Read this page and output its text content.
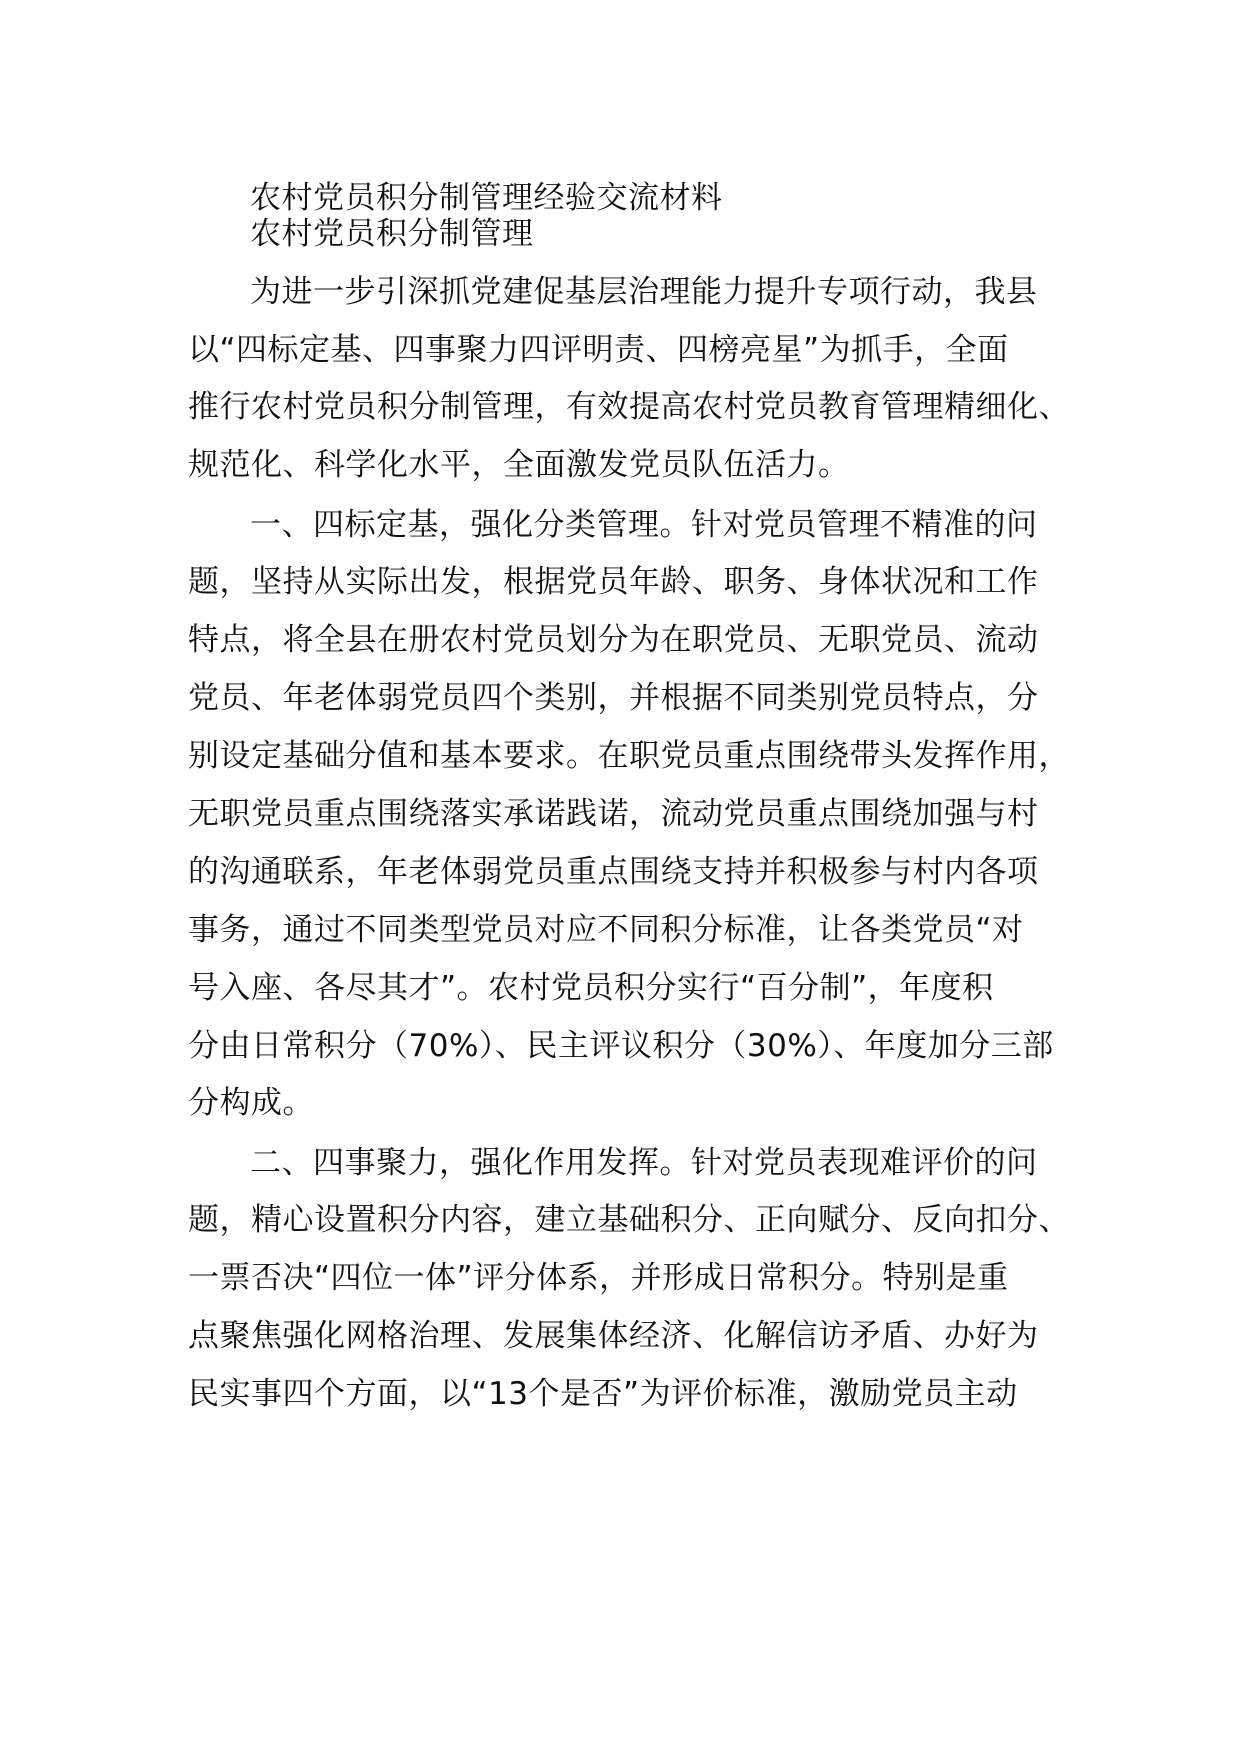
农村党员积分制管理经验交流材料
农村党员积分制管理
为进一步引深抓党建促基层治理能力提升专项行动，我县
以“四标定基、四事聚力四评明责、四榜亮星”为抓手，全面
推行农村党员积分制管理，有效提高农村党员教育管理精细化、
规范化、科学化水平，全面激发党员队伍活力。
一、四标定基，强化分类管理。针对党员管理不精准的问
题，坚持从实际出发，根据党员年龄、职务、身体状况和工作
特点，将全县在册农村党员划分为在职党员、无职党员、流动
党员、年老体弱党员四个类别，并根据不同类别党员特点，分
别设定基础分值和基本要求。在职党员重点围绕带头发挥作用，
无职党员重点围绕落实承诺践诺，流动党员重点围绕加强与村
的沟通联系，年老体弱党员重点围绕支持并积极参与村内各项
事务，通过不同类型党员对应不同积分标准，让各类党员“对
号入座、各尽其才”。农村党员积分实行“百分制”，年度积
分由日常积分（70%）、民主评议积分（30%）、年度加分三部
分构成。
二、四事聚力，强化作用发挥。针对党员表现难评价的问
题，精心设置积分内容，建立基础积分、正向赋分、反向扣分、
一票否决“四位一体”评分体系，并形成日常积分。特别是重
点聚焦强化网格治理、发展集体经济、化解信访矛盾、办好为
民实事四个方面，以“13个是否”为评价标准，激励党员主动
